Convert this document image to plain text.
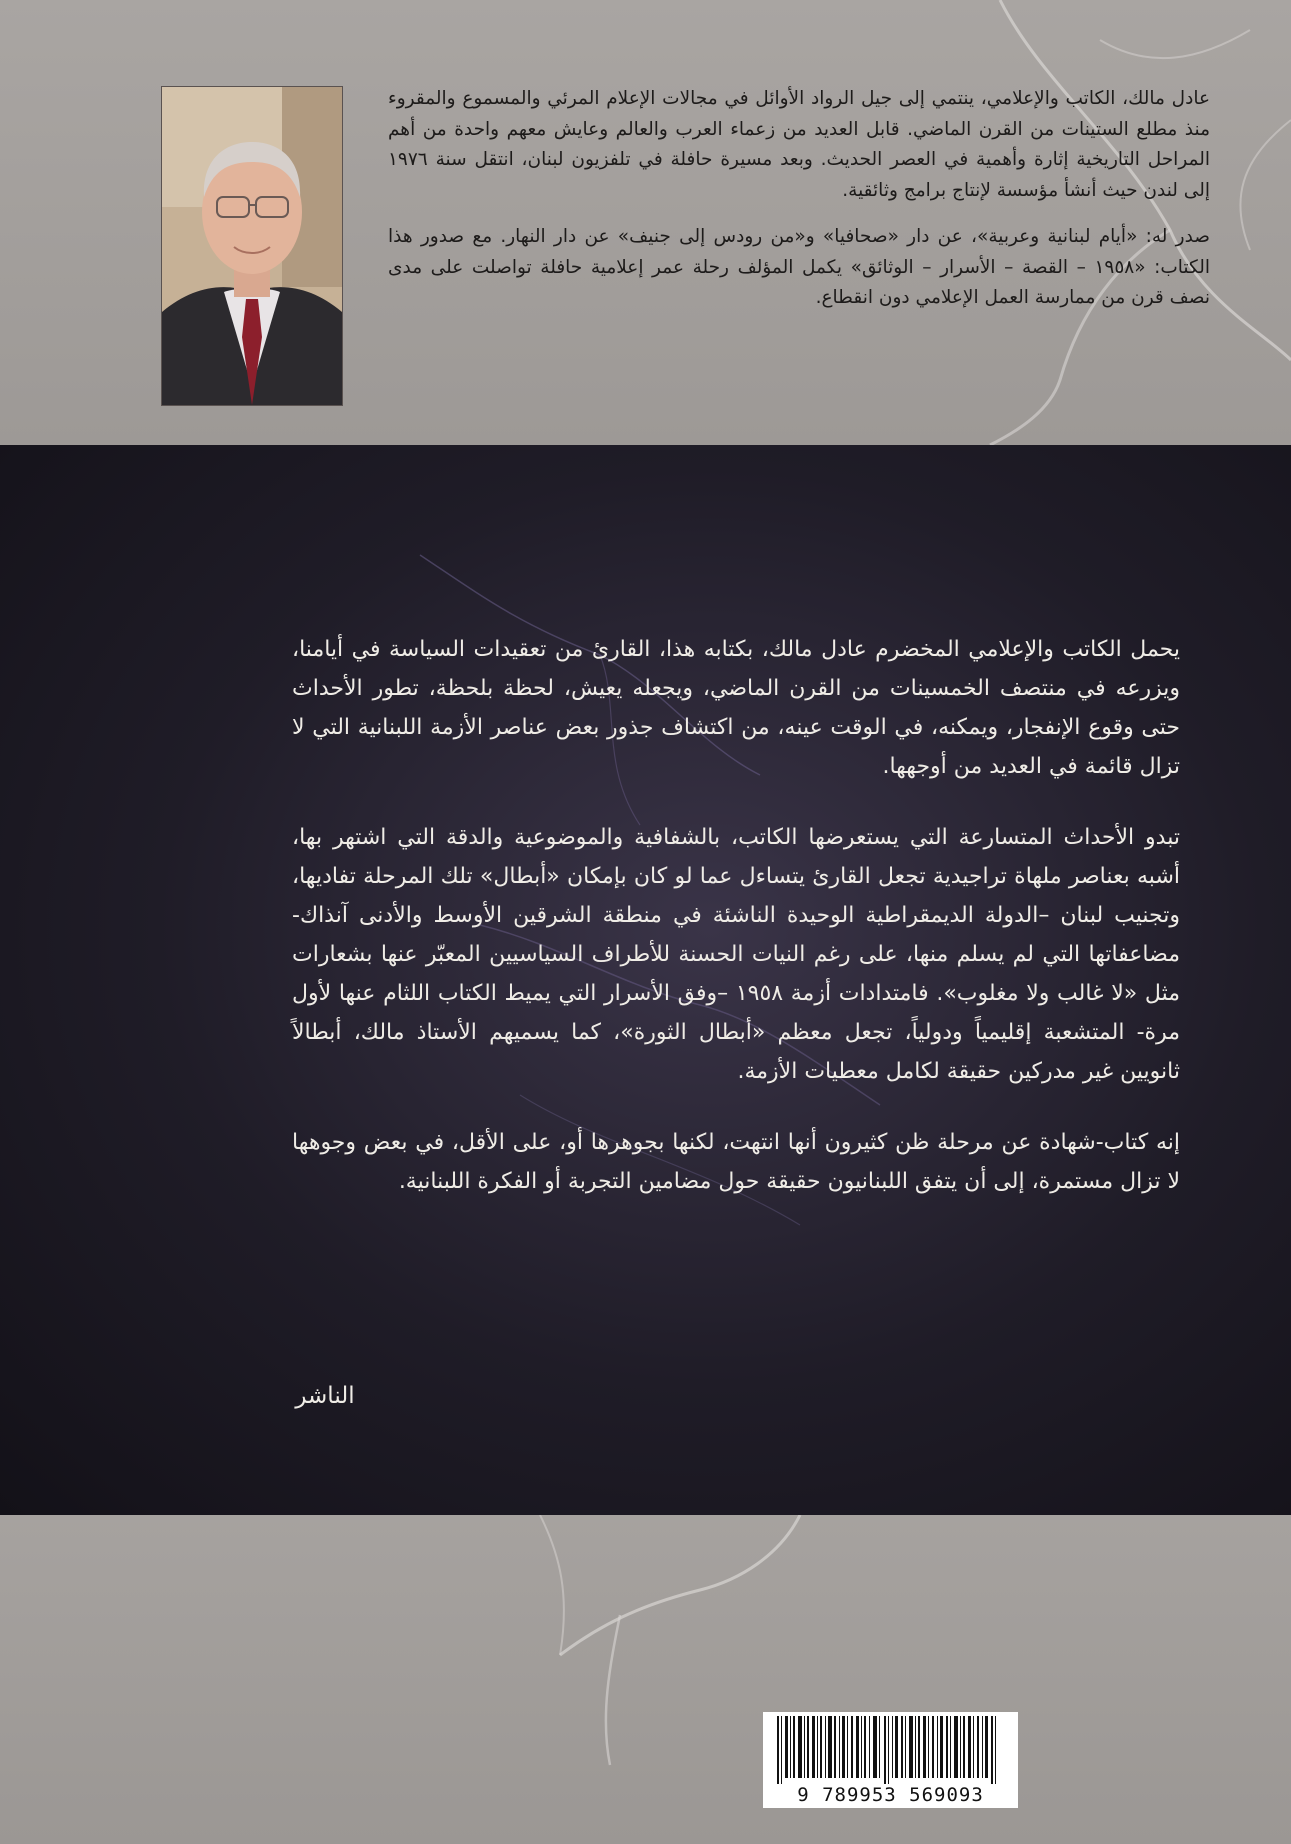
عادل مالك، الكاتب والإعلامي، ينتمي إلى جيل الرواد الأوائل في مجالات الإعلام المرئي والمسموع والمقروء منذ مطلع الستينات من القرن الماضي. قابل العديد من زعماء العرب والعالم وعايش معهم واحدة من أهم المراحل التاريخية إثارة وأهمية في العصر الحديث. وبعد مسيرة حافلة في تلفزيون لبنان، انتقل سنة ١٩٧٦ إلى لندن حيث أنشأ مؤسسة لإنتاج برامج وثائقية.

صدر له: «أيام لبنانية وعربية»، عن دار «صحافيا» و«من رودس إلى جنيف» عن دار النهار. مع صدور هذا الكتاب: «١٩٥٨ – القصة – الأسرار – الوثائق» يكمل المؤلف رحلة عمر إعلامية حافلة تواصلت على مدى نصف قرن من ممارسة العمل الإعلامي دون انقطاع.

يحمل الكاتب والإعلامي المخضرم عادل مالك، بكتابه هذا، القارئ من تعقيدات السياسة في أيامنا، ويزرعه في منتصف الخمسينات من القرن الماضي، ويجعله يعيش، لحظة بلحظة، تطور الأحداث حتى وقوع الإنفجار، ويمكنه، في الوقت عينه، من اكتشاف جذور بعض عناصر الأزمة اللبنانية التي لا تزال قائمة في العديد من أوجهها.

تبدو الأحداث المتسارعة التي يستعرضها الكاتب، بالشفافية والموضوعية والدقة التي اشتهر بها، أشبه بعناصر ملهاة تراجيدية تجعل القارئ يتساءل عما لو كان بإمكان «أبطال» تلك المرحلة تفاديها، وتجنيب لبنان –الدولة الديمقراطية الوحيدة الناشئة في منطقة الشرقين الأوسط والأدنى آنذاك- مضاعفاتها التي لم يسلم منها، على رغم النيات الحسنة للأطراف السياسيين المعبّر عنها بشعارات مثل «لا غالب ولا مغلوب». فامتدادات أزمة ١٩٥٨ –وفق الأسرار التي يميط الكتاب اللثام عنها لأول مرة- المتشعبة إقليمياً ودولياً، تجعل معظم «أبطال الثورة»، كما يسميهم الأستاذ مالك، أبطالاً ثانويين غير مدركين حقيقة لكامل معطيات الأزمة.

إنه كتاب-شهادة عن مرحلة ظن كثيرون أنها انتهت، لكنها بجوهرها أو، على الأقل، في بعض وجوهها لا تزال مستمرة، إلى أن يتفق اللبنانيون حقيقة حول مضامين التجربة أو الفكرة اللبنانية.

الناشر
9 789953 569093
